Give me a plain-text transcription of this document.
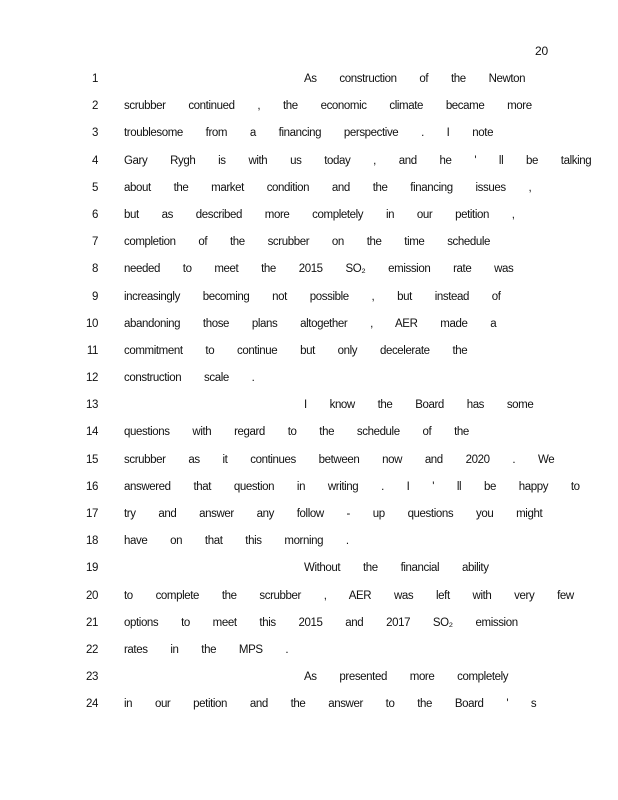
20
1	As construction of the Newton
2 scrubber continued , the economic climate became more
3 troublesome from a financing perspective . I note
4 Gary Rygh is with us today , and he ' ll be talking
5 about the market condition and the financing issues ,
6 but as described more completely in our petition ,
7 completion of the scrubber on the time schedule
8 needed to meet the 2015 SO₂ emission rate was
9 increasingly becoming not possible , but instead of
10 abandoning those plans altogether , AER made a
11 commitment to continue but only decelerate the
12 construction scale .
13	I know the Board has some
14 questions with regard to the schedule of the
15 scrubber as it continues between now and 2020 . We
16 answered that question in writing . I ' ll be happy to
17 try and answer any follow - up questions you might
18 have on that this morning .
19	Without the financial ability
20 to complete the scrubber , AER was left with very few
21 options to meet this 2015 and 2017 SO₂ emission
22 rates in the MPS .
23	As presented more completely
24 in our petition and the answer to the Board ' s
